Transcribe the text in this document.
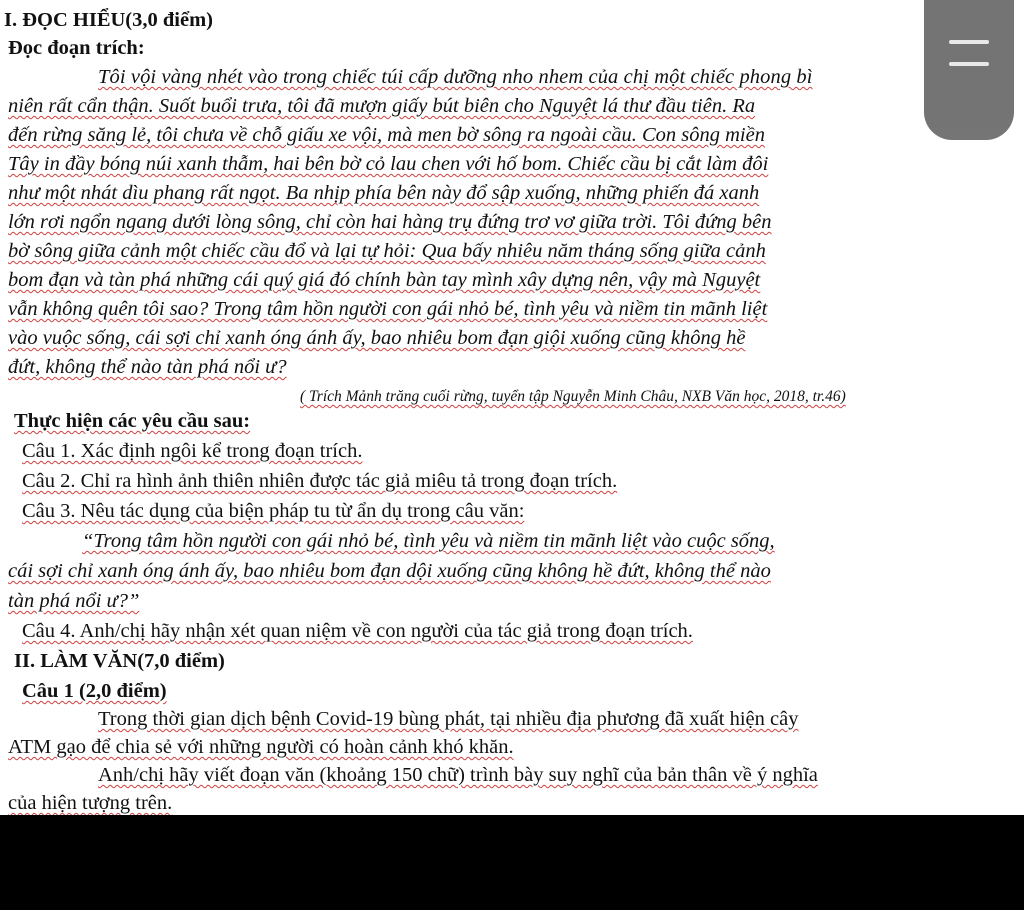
I. ĐỌC HIỂU(3,0 điểm)
Đọc đoạn trích:
Tôi vội vàng nhét vào trong chiếc túi cấp dưỡng nho nhem của chị một chiếc phong bì
niên rất cẩn thận. Suốt buổi trưa, tôi đã mượn giấy bút biên cho Nguyệt lá thư đầu tiên. Ra
đến rừng săng lẻ, tôi chưa về chỗ giấu xe vội, mà men bờ sông ra ngoài cầu. Con sông miền
Tây in đầy bóng núi xanh thẫm, hai bên bờ cỏ lau chen với hố bom. Chiếc cầu bị cắt làm đôi
như một nhát dìu phang rất ngọt. Ba nhịp phía bên này đổ sập xuống, những phiến đá xanh
lớn rơi ngổn ngang dưới lòng sông, chỉ còn hai hàng trụ đứng trơ vơ giữa trời. Tôi đứng bên
bờ sông giữa cảnh một chiếc cầu đổ và lại tự hỏi: Qua bấy nhiêu năm tháng sống giữa cảnh
bom đạn và tàn phá những cái quý giá đó chính bàn tay mình xây dựng nên, vậy mà Nguyệt
vẫn không quên tôi sao? Trong tâm hồn người con gái nhỏ bé, tình yêu và niềm tin mãnh liệt
vào vuộc sống, cái sợi chỉ xanh óng ánh ấy, bao nhiêu bom đạn giội xuống cũng không hề
đứt, không thể nào tàn phá nổi ư?
( Trích Mảnh trăng cuối rừng, tuyển tập Nguyễn Minh Châu, NXB Văn học, 2018, tr.46)
Thực hiện các yêu cầu sau:
Câu 1. Xác định ngôi kể trong đoạn trích.
Câu 2. Chỉ ra hình ảnh thiên nhiên được tác giả miêu tả trong đoạn trích.
Câu 3. Nêu tác dụng của biện pháp tu từ ẩn dụ trong câu văn:
“Trong tâm hồn người con gái nhỏ bé, tình yêu và niềm tin mãnh liệt vào cuộc sống,
cái sợi chỉ xanh óng ánh ấy, bao nhiêu bom đạn dội xuống cũng không hề đứt, không thể nào
tàn phá nổi ư?”
Câu 4. Anh/chị hãy nhận xét quan niệm về con người của tác giả trong đoạn trích.
II. LÀM VĂN(7,0 điểm)
Câu 1 (2,0 điểm)
Trong thời gian dịch bệnh Covid-19 bùng phát, tại nhiều địa phương đã xuất hiện cây
ATM gạo để chia sẻ với những người có hoàn cảnh khó khăn.
Anh/chị hãy viết đoạn văn (khoảng 150 chữ) trình bày suy nghĩ của bản thân về ý nghĩa
của hiện tượng trên.
